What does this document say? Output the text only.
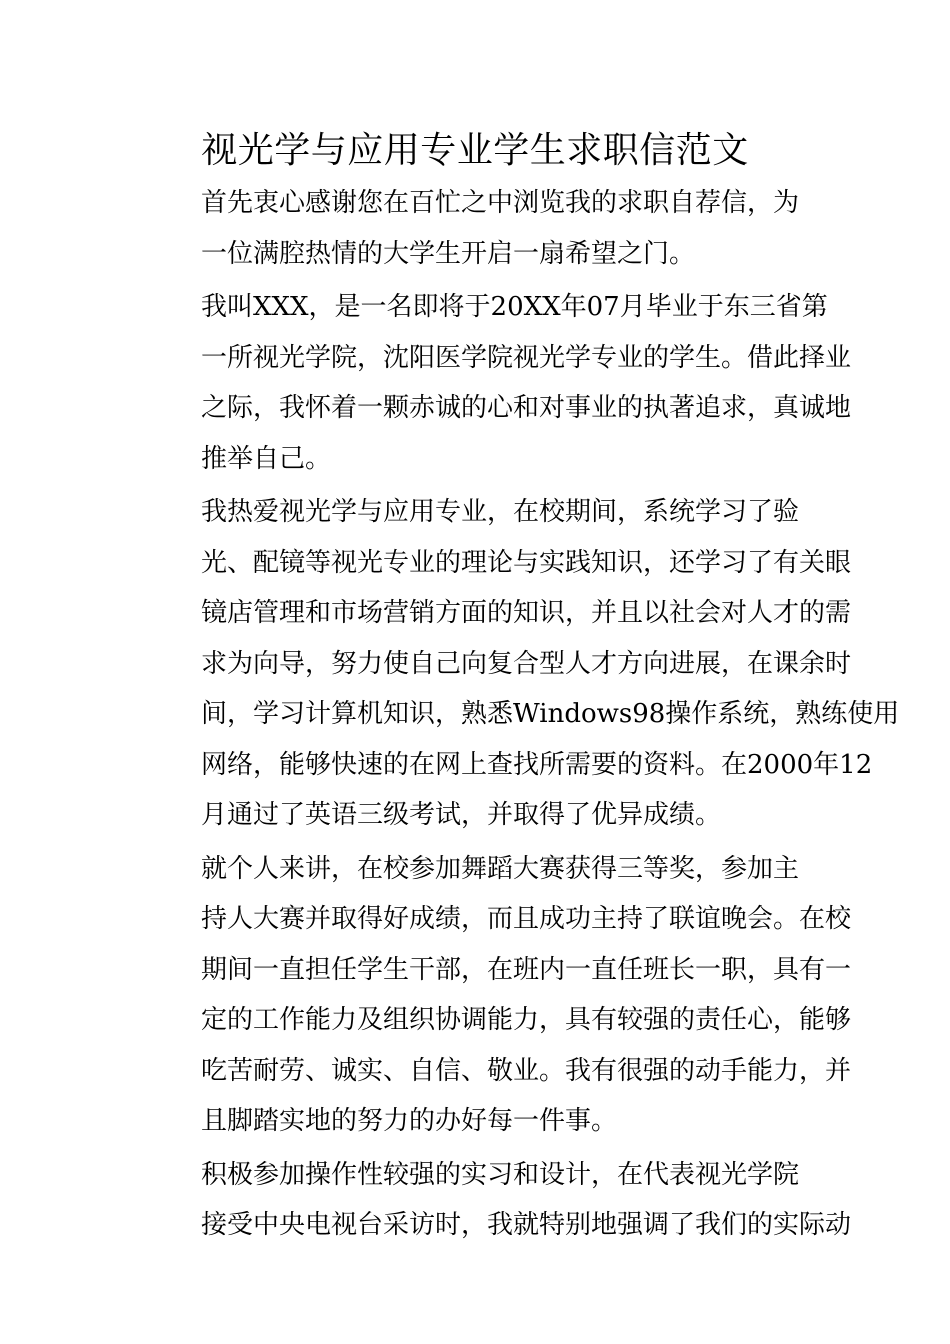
视光学与应用专业学生求职信范文

首先衷心感谢您在百忙之中浏览我的求职自荐信，为
一位满腔热情的大学生开启一扇希望之门。

我叫XXX，是一名即将于20XX年07月毕业于东三省第
一所视光学院，沈阳医学院视光学专业的学生。借此择业
之际，我怀着一颗赤诚的心和对事业的执著追求，真诚地
推举自己。

我热爱视光学与应用专业，在校期间，系统学习了验
光、配镜等视光专业的理论与实践知识，还学习了有关眼
镜店管理和市场营销方面的知识，并且以社会对人才的需
求为向导，努力使自己向复合型人才方向进展，在课余时
间，学习计算机知识，熟悉Windows98操作系统，熟练使用
网络，能够快速的在网上查找所需要的资料。在2000年12
月通过了英语三级考试，并取得了优异成绩。

就个人来讲，在校参加舞蹈大赛获得三等奖，参加主
持人大赛并取得好成绩，而且成功主持了联谊晚会。在校
期间一直担任学生干部，在班内一直任班长一职，具有一
定的工作能力及组织协调能力，具有较强的责任心，能够
吃苦耐劳、诚实、自信、敬业。我有很强的动手能力，并
且脚踏实地的努力的办好每一件事。

积极参加操作性较强的实习和设计，在代表视光学院
接受中央电视台采访时，我就特别地强调了我们的实际动
